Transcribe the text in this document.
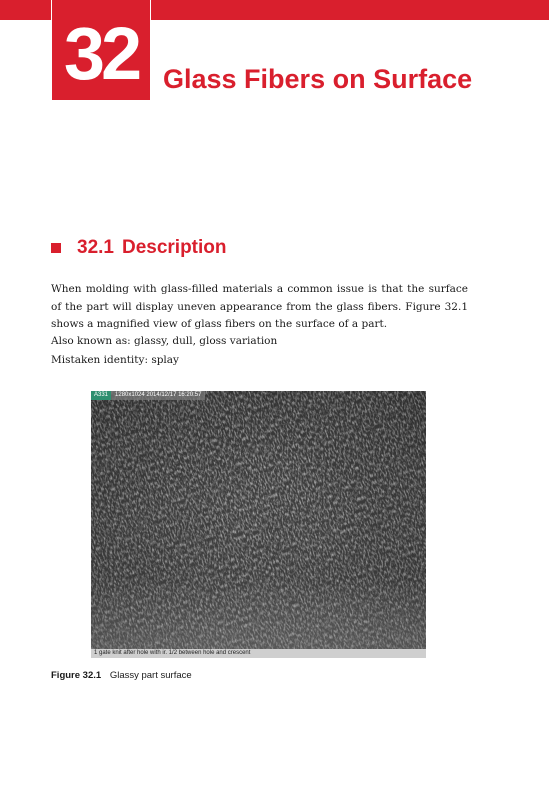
32 Glass Fibers on Surface
32.1 Description

When molding with glass-filled materials a common issue is that the surface of the part will display uneven appearance from the glass fibers. Figure 32.1 shows a magnified view of glass fibers on the surface of a part.

Also known as: glassy, dull, gloss variation

Mistaken identity: splay

A331	1280x1024 2014/12/17 16:20:57
1 gate knit after hole with ir. 1/2 between hole and crescent
Figure 32.1 Glassy part surface
